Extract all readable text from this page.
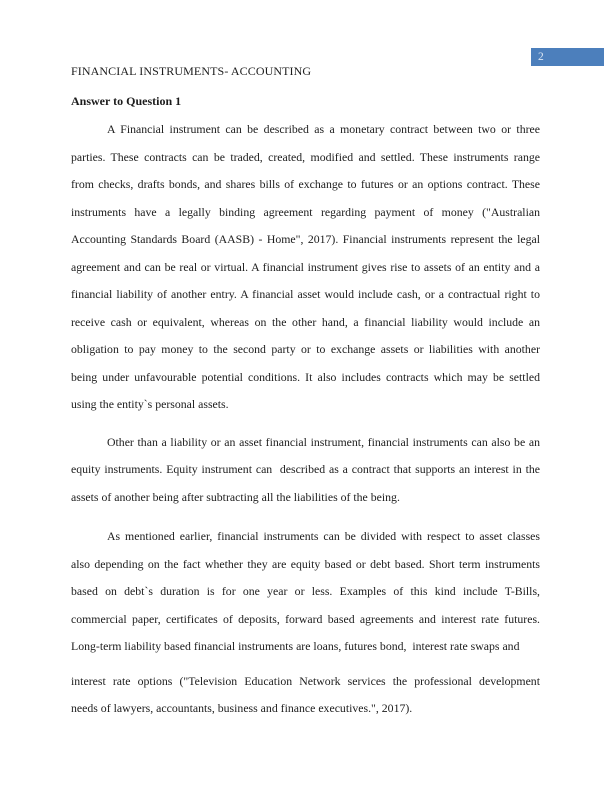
2
FINANCIAL INSTRUMENTS- ACCOUNTING
Answer to Question 1
A Financial instrument can be described as a monetary contract between two or three
parties. These contracts can be traded, created, modified and settled. These instruments range
from checks, drafts bonds, and shares bills of exchange to futures or an options contract. These
instruments have a legally binding agreement regarding payment of money ("Australian
Accounting Standards Board (AASB) - Home", 2017). Financial instruments represent the legal
agreement and can be real or virtual. A financial instrument gives rise to assets of an entity and a
financial liability of another entry. A financial asset would include cash, or a contractual right to
receive cash or equivalent, whereas on the other hand, a financial liability would include an
obligation to pay money to the second party or to exchange assets or liabilities with another
being under unfavourable potential conditions. It also includes contracts which may be settled
using the entity`s personal assets.
Other than a liability or an asset financial instrument, financial instruments can also be an
equity instruments. Equity instrument can  described as a contract that supports an interest in the
assets of another being after subtracting all the liabilities of the being.
As mentioned earlier, financial instruments can be divided with respect to asset classes
also depending on the fact whether they are equity based or debt based. Short term instruments
based on debt`s duration is for one year or less. Examples of this kind include T-Bills,
commercial paper, certificates of deposits, forward based agreements and interest rate futures.
Long-term liability based financial instruments are loans, futures bond,  interest rate swaps and
interest rate options ("Television Education Network services the professional development
needs of lawyers, accountants, business and finance executives.", 2017).
